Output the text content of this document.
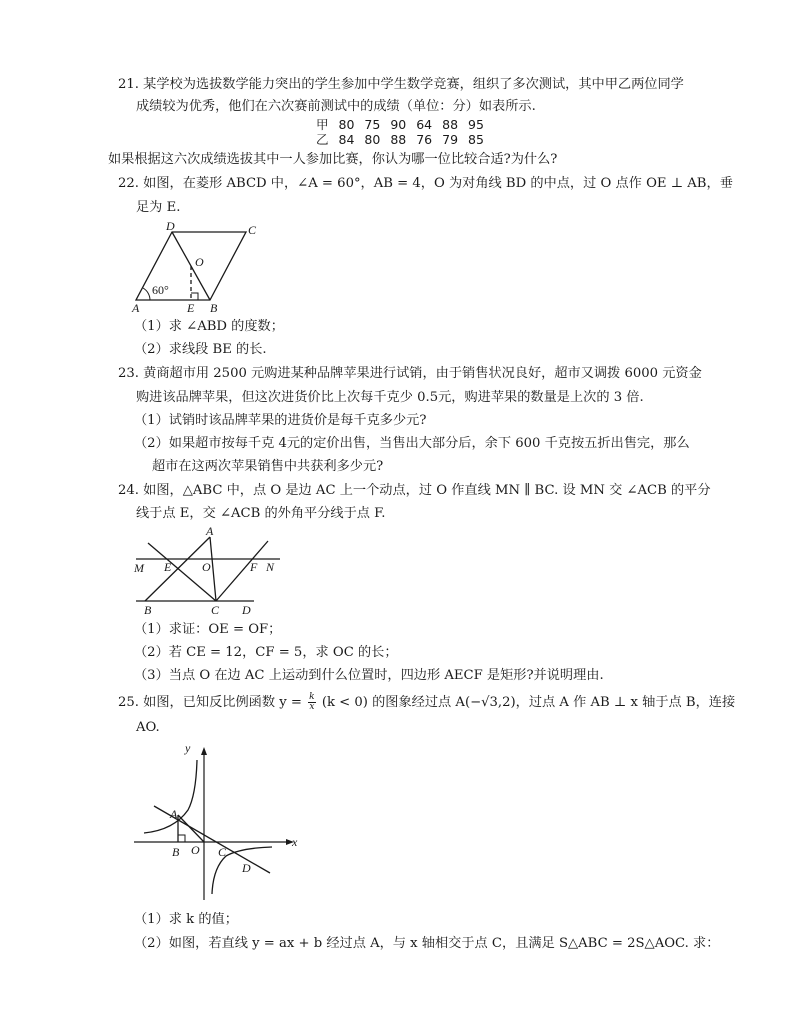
21. 某学校为选拔数学能力突出的学生参加中学生数学竞赛，组织了多次测试，其中甲乙两位同学
成绩较为优秀，他们在六次赛前测试中的成绩（单位：分）如表所示.
甲	80	75	90	64	88	95
乙	84	80	88	76	79	85
如果根据这六次成绩选拔其中一人参加比赛，你认为哪一位比较合适?为什么?
22. 如图，在菱形 ABCD 中，∠A = 60°，AB = 4，O 为对角线 BD 的中点，过 O 点作 OE ⊥ AB，垂
足为 E.
D	C
O
A	E B
60°
（1）求 ∠ABD 的度数；
（2）求线段 BE 的长.
23. 黄商超市用 2500 元购进某种品牌苹果进行试销，由于销售状况良好，超市又调拨 6000 元资金
购进该品牌苹果，但这次进货价比上次每千克少 0.5元，购进苹果的数量是上次的 3 倍.
（1）试销时该品牌苹果的进货价是每千克多少元?
（2）如果超市按每千克 4元的定价出售，当售出大部分后，余下 600 千克按五折出售完，那么
超市在这两次苹果销售中共获利多少元?
24. 如图，△ABC 中，点 O 是边 AC 上一个动点，过 O 作直线 MN ∥ BC. 设 MN 交 ∠ACB 的平分
线于点 E，交 ∠ACB 的外角平分线于点 F.
A
M E	O	F N
B	C D
（1）求证：OE = OF；
（2）若 CE = 12，CF = 5，求 OC 的长；
（3）当点 O 在边 AC 上运动到什么位置时，四边形 AECF 是矩形?并说明理由.
25. 如图，已知反比例函数 $y = \frac{k}{x} (k < 0)$ 的图象经过点 A(−√3,2)，过点 A 作 AB ⊥ x 轴于点 B，连接
AO.
y
x
A
B O C
D
（1）求 k 的值；
（2）如图，若直线 y = ax + b 经过点 A，与 x 轴相交于点 C，且满足 S△ABC = 2S△AOC. 求：
